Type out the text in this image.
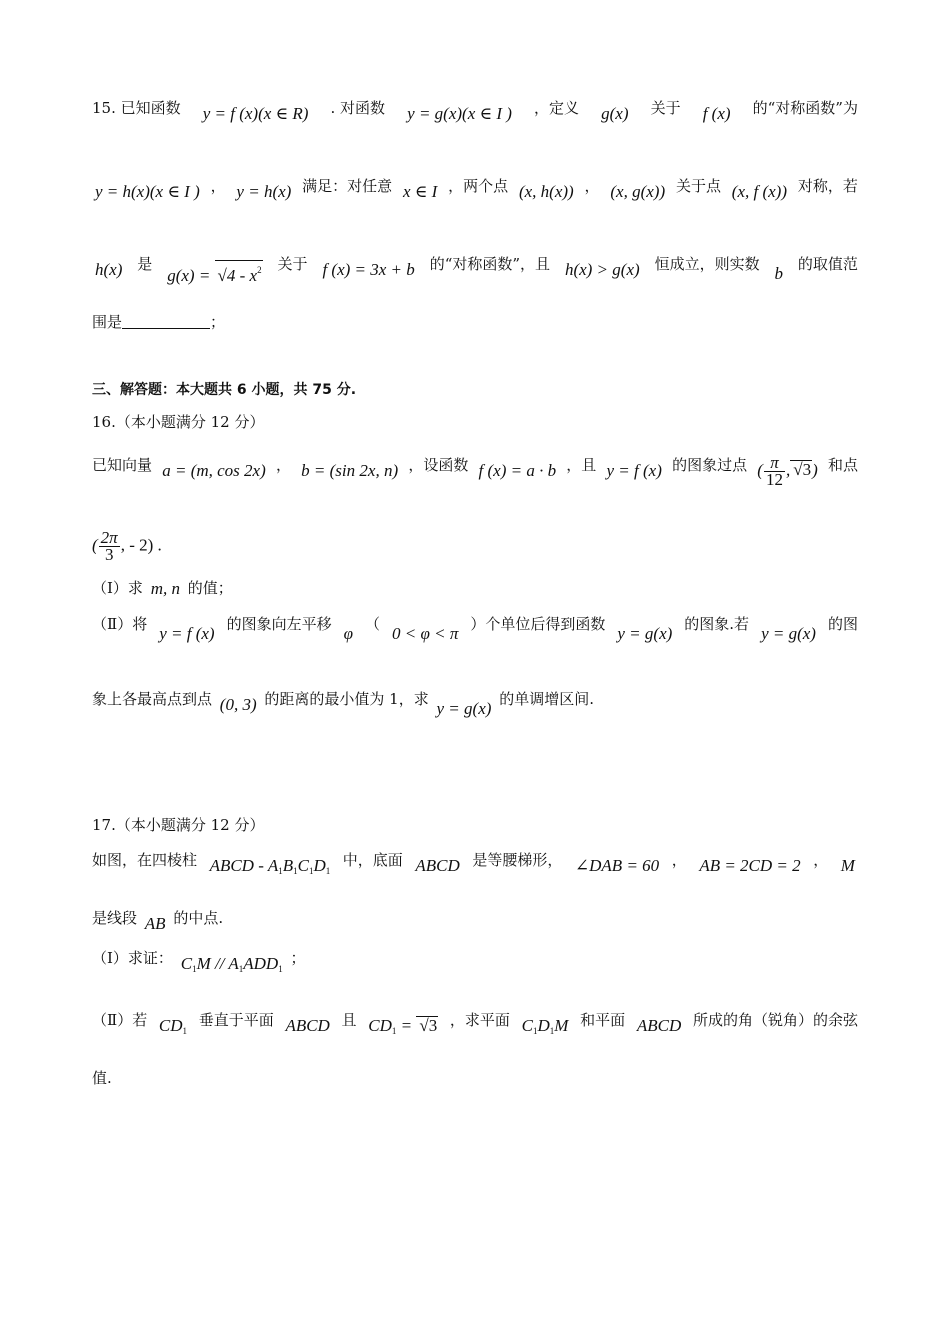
15. 已知函数 y = f (x)(x ∈ R) . 对函数 y = g(x)(x ∈ I ) ，定义 g(x) 关于 f (x) 的“对称函数”为
y = h(x)(x ∈ I ) ， y = h(x) 满足：对任意 x ∈ I ，两个点 (x, h(x)) ， (x, g(x)) 关于点 (x, f (x)) 对称，若
h(x) 是
$g(x) = √4 - x^2$ 关于 f (x) = 3x + b 的“对称函数”，且 h(x) > g(x) 恒成立，则实数 b 的取值范
围是	；
三、解答题：本大题共 6 小题，共 75 分.
16.（本小题满分 12 分）
已知向量 a = (m, cos 2x) ， b = (sin 2x, n) ，设函数 f (x) = a · b ，且 y = f (x) 的图象过点 ( $\frac{\pi}{12}$ , √3) 和点
( $\frac{2\pi}{3}$ , - 2) .
（Ⅰ）求 m, n 的值；
（Ⅱ）将 y = f (x) 的图象向左平移 φ （ 0 < φ < π ）个单位后得到函数 y = g(x) 的图象.若 y = g(x) 的图
象上各最高点到点 (0, 3) 的距离的最小值为 1，求 y = g(x) 的单调增区间.
17.（本小题满分 12 分）
如图，在四棱柱 ABCD - $A_1B_1C_1D_1$
中，底面 ABCD 是等腰梯形， ∠DAB = 60 ， AB = 2CD = 2 ， M
是线段 AB 的中点.
（Ⅰ）求证： $C_1M // A_1ADD_1$ ；
（Ⅱ）若 $CD_1$
垂直于平面 ABCD 且 $CD_1 = √3$ ，求平面 $C_1D_1M$ 和平面 ABCD 所成的角（锐角）的余弦
值.
